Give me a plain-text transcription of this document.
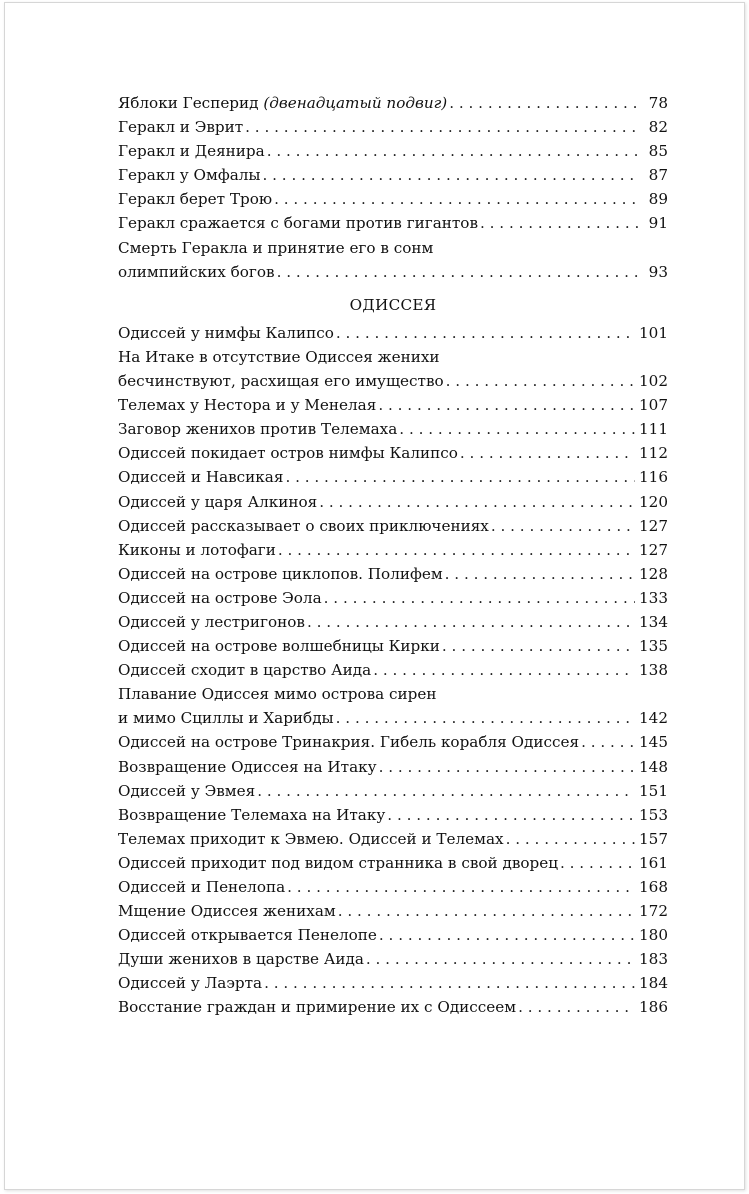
Яблоки Гесперид (двенадцатый подвиг) . . .	78
Геракл и Эврит . . .	82
Геракл и Деянира . . .	85
Геракл у Омфалы . . .	87
Геракл берет Трою . . .	89
Геракл сражается с богами против гигантов . . .	91
Смерть Геракла и принятие его в сонм
олимпийских богов . . .	93
ОДИССЕЯ
Одиссей у нимфы Калипсо . . .	101
На Итаке в отсутствие Одиссея женихи
бесчинствуют, расхищая его имущество . . .	102
Телемах у Нестора и у Менелая . . .	107
Заговор женихов против Телемаха . . .	111
Одиссей покидает остров нимфы Калипсо . . .	112
Одиссей и Навсикая . . .	116
Одиссей у царя Алкиноя . . .	120
Одиссей рассказывает о своих приключениях . . .	127
Киконы и лотофаги . . .	127
Одиссей на острове циклопов. Полифем . . .	128
Одиссей на острове Эола . . .	133
Одиссей у лестригонов . . .	134
Одиссей на острове волшебницы Кирки . . .	135
Одиссей сходит в царство Аида . . .	138
Плавание Одиссея мимо острова сирен
и мимо Сциллы и Харибды . . .	142
Одиссей на острове Тринакрия. Гибель корабля Одиссея . . .	145
Возвращение Одиссея на Итаку . . .	148
Одиссей у Эвмея . . .	151
Возвращение Телемаха на Итаку . . .	153
Телемах приходит к Эвмею. Одиссей и Телемах . . .	157
Одиссей приходит под видом странника в свой дворец . . .	161
Одиссей и Пенелопа . . .	168
Мщение Одиссея женихам . . .	172
Одиссей открывается Пенелопе . . .	180
Души женихов в царстве Аида . . .	183
Одиссей у Лаэрта . . .	184
Восстание граждан и примирение их с Одиссеем . . .	186
